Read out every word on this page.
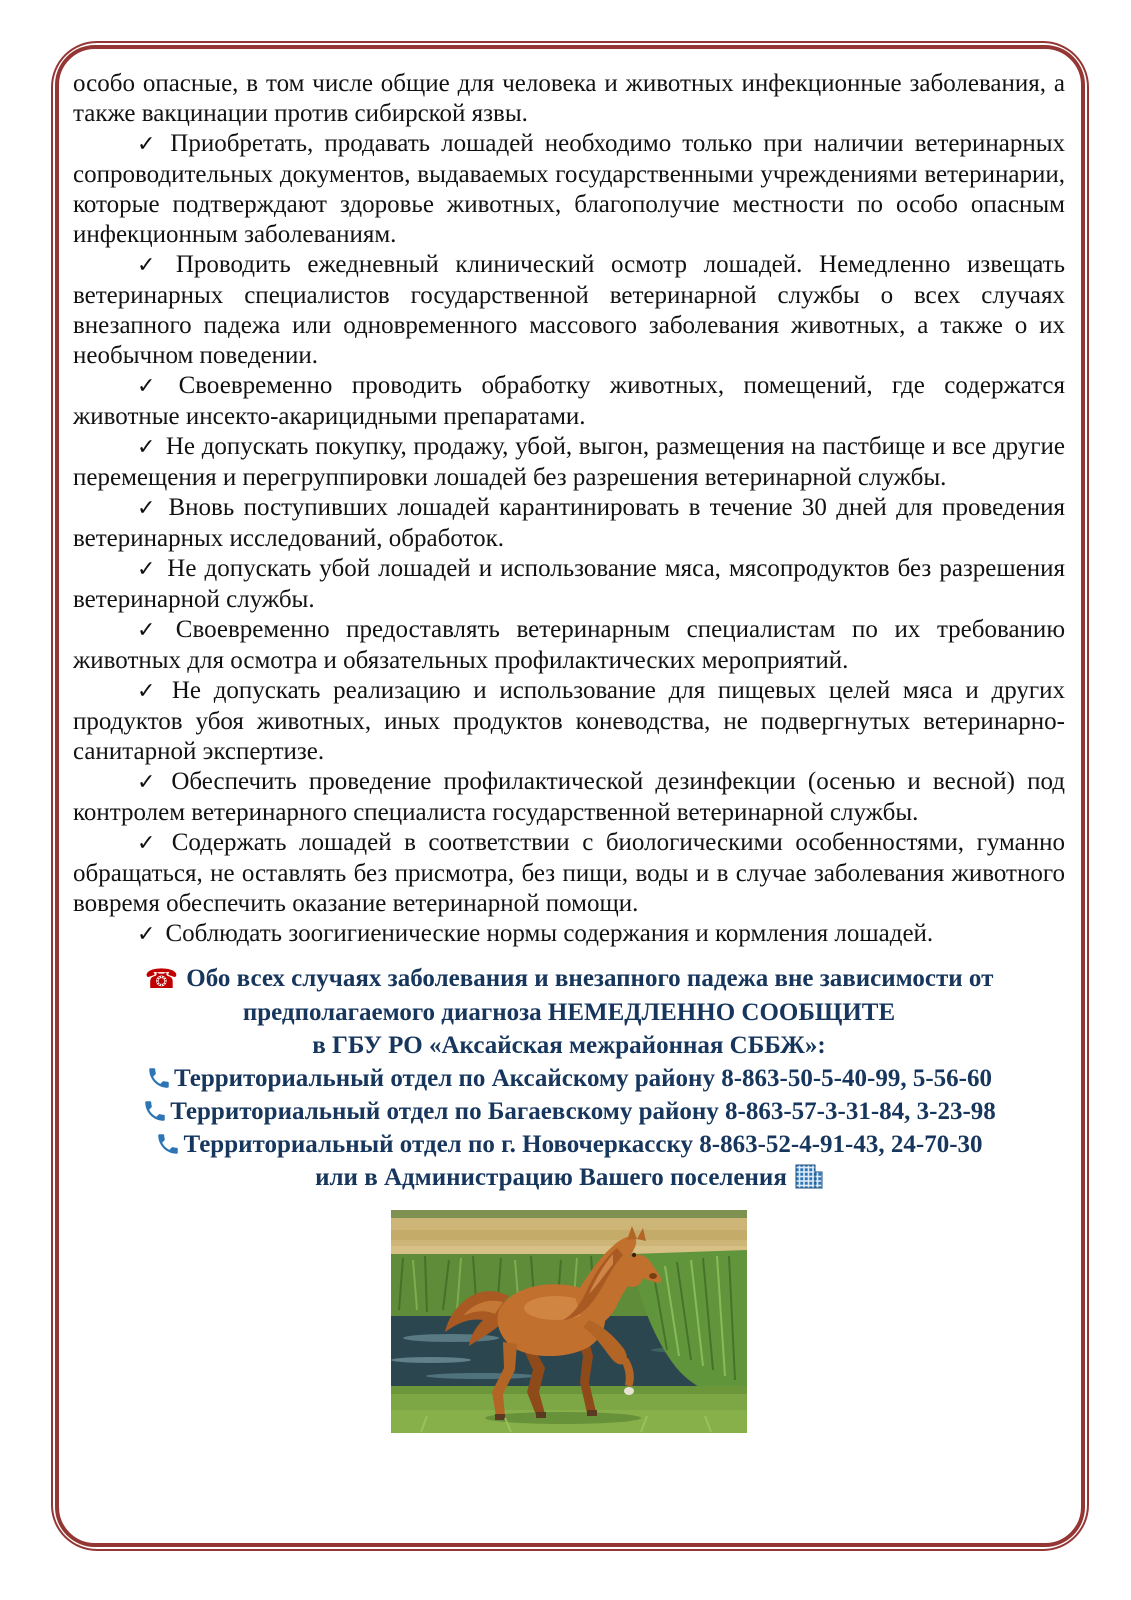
особо опасные, в том числе общие для человека и животных инфекционные заболевания, а также вакцинации против сибирской язвы.

✓ Приобретать, продавать лошадей необходимо только при наличии ветеринарных сопроводительных документов, выдаваемых государственными учреждениями ветеринарии, которые подтверждают здоровье животных, благополучие местности по особо опасным инфекционным заболеваниям.

✓ Проводить ежедневный клинический осмотр лошадей. Немедленно извещать ветеринарных специалистов государственной ветеринарной службы о всех случаях внезапного падежа или одновременного массового заболевания животных, а также о их необычном поведении.

✓ Своевременно проводить обработку животных, помещений, где содержатся животные инсекто-акарицидными препаратами.

✓ Не допускать покупку, продажу, убой, выгон, размещения на пастбище и все другие перемещения и перегруппировки лошадей без разрешения ветеринарной службы.

✓ Вновь поступивших лошадей карантинировать в течение 30 дней для проведения ветеринарных исследований, обработок.

✓ Не допускать убой лошадей и использование мяса, мясопродуктов без разрешения ветеринарной службы.

✓ Своевременно предоставлять ветеринарным специалистам по их требованию животных для осмотра и обязательных профилактических мероприятий.

✓ Не допускать реализацию и использование для пищевых целей мяса и других продуктов убоя животных, иных продуктов коневодства, не подвергнутых ветеринарно-санитарной экспертизе.

✓ Обеспечить проведение профилактической дезинфекции (осенью и весной) под контролем ветеринарного специалиста государственной ветеринарной службы.

✓ Содержать лошадей в соответствии с биологическими особенностями, гуманно обращаться, не оставлять без присмотра, без пищи, воды и в случае заболевания животного вовремя обеспечить оказание ветеринарной помощи.

✓ Соблюдать зоогигиенические нормы содержания и кормления лошадей.

☎ Обо всех случаях заболевания и внезапного падежа вне зависимости от
предполагаемого диагноза НЕМЕДЛЕННО СООБЩИТЕ
в ГБУ РО «Аксайская межрайонная СББЖ»:
Территориальный отдел по Аксайскому району 8-863-50-5-40-99, 5-56-60
Территориальный отдел по Багаевскому району 8-863-57-3-31-84, 3-23-98
Территориальный отдел по г. Новочеркасску 8-863-52-4-91-43, 24-70-30
или в Администрацию Вашего поселения
